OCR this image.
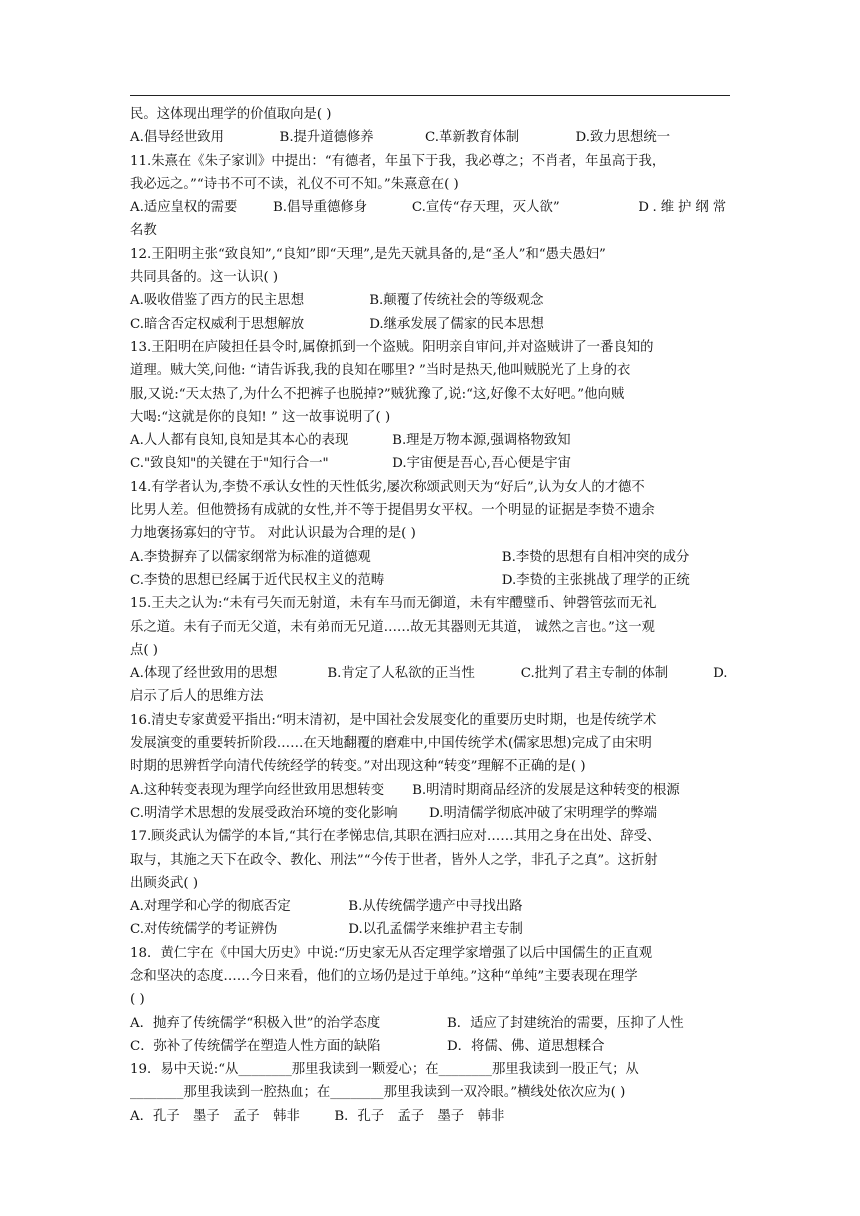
民。这体现出理学的价值取向是( )
A.倡导经世致用	B.提升道德修养	C.革新教育体制	D.致力思想统一
11.朱熹在《朱子家训》中提出：“有德者，年虽下于我，我必尊之；不肖者，年虽高于我，
我必远之。”“诗书不可不读，礼仪不可不知。”朱熹意在( )
A.适应皇权的需要	B.倡导重德修身	C.宣传“存天理，灭人欲”	D.维护纲常
名教
12.王阳明主张“致良知”,“良知”即“天理”,是先天就具备的,是“圣人”和“愚夫愚妇”
共同具备的。这一认识( )
A.吸收借鉴了西方的民主思想	B.颠覆了传统社会的等级观念
C.暗含否定权威利于思想解放	D.继承发展了儒家的民本思想
13.王阳明在庐陵担任县令时,属僚抓到一个盗贼。阳明亲自审问,并对盗贼讲了一番良知的
道理。贼大笑,问他: “请告诉我,我的良知在哪里? ”当时是热天,他叫贼脱光了上身的衣
服,又说:“天太热了,为什么不把裤子也脱掉?”贼犹豫了,说:“这,好像不太好吧。”他向贼
大喝:“这就是你的良知! ” 这一故事说明了( )
A.人人都有良知,良知是其本心的表现	B.理是万物本源,强调格物致知
C."致良知"的关键在于"知行合一"	D.宇宙便是吾心,吾心便是宇宙
14.有学者认为,李贽不承认女性的天性低劣,屡次称颂武则天为“好后”,认为女人的才德不
比男人差。但他赞扬有成就的女性,并不等于提倡男女平权。一个明显的证据是李贽不遗余
力地褒扬寡妇的守节。 对此认识最为合理的是( )
A.李贽摒弃了以儒家纲常为标准的道德观	B.李贽的思想有自相冲突的成分
C.李贽的思想已经属于近代民权主义的范畴	D.李贽的主张挑战了理学的正统
15.王夫之认为:“未有弓矢而无射道，未有车马而无御道，未有牢醴璧币、钟磬管弦而无礼
乐之道。未有子而无父道，未有弟而无兄道……故无其器则无其道， 诚然之言也。”这一观
点( )
A.体现了经世致用的思想	B.肯定了人私欲的正当性	C.批判了君主专制的体制	D.
启示了后人的思维方法
16.清史专家黄爱平指出:“明末清初，是中国社会发展变化的重要历史时期，也是传统学术
发展演变的重要转折阶段……在天地翻覆的磨难中,中国传统学术(儒家思想)完成了由宋明
时期的思辨哲学向清代传统经学的转变。”对出现这种“转变”理解不正确的是( )
A.这种转变表现为理学向经世致用思想转变	B.明清时期商品经济的发展是这种转变的根源
C.明清学术思想的发展受政治环境的变化影响	D.明清儒学彻底冲破了宋明理学的弊端
17.顾炎武认为儒学的本旨,“其行在孝悌忠信,其职在洒扫应对……其用之身在出处、辞受、
取与，其施之天下在政令、教化、刑法”“今传于世者，皆外人之学，非孔子之真”。这折射
出顾炎武( )
A.对理学和心学的彻底否定	B.从传统儒学遗产中寻找出路
C.对传统儒学的考证辨伪	D.以孔孟儒学来维护君主专制
18．黄仁宇在《中国大历史》中说:“历史家无从否定理学家增强了以后中国儒生的正直观
念和坚决的态度……今日来看，他们的立场仍是过于单纯。”这种“单纯”主要表现在理学
( )
A．抛弃了传统儒学“积极入世”的治学态度	B．适应了封建统治的需要，压抑了人性
C．弥补了传统儒学在塑造人性方面的缺陷	D．将儒、佛、道思想糅合
19．易中天说:“从________那里我读到一颗爱心；在________那里我读到一股正气；从
________那里我读到一腔热血；在________那里我读到一双冷眼。”横线处依次应为( )
A．孔子　墨子　孟子　韩非	B．孔子　孟子　墨子　韩非
